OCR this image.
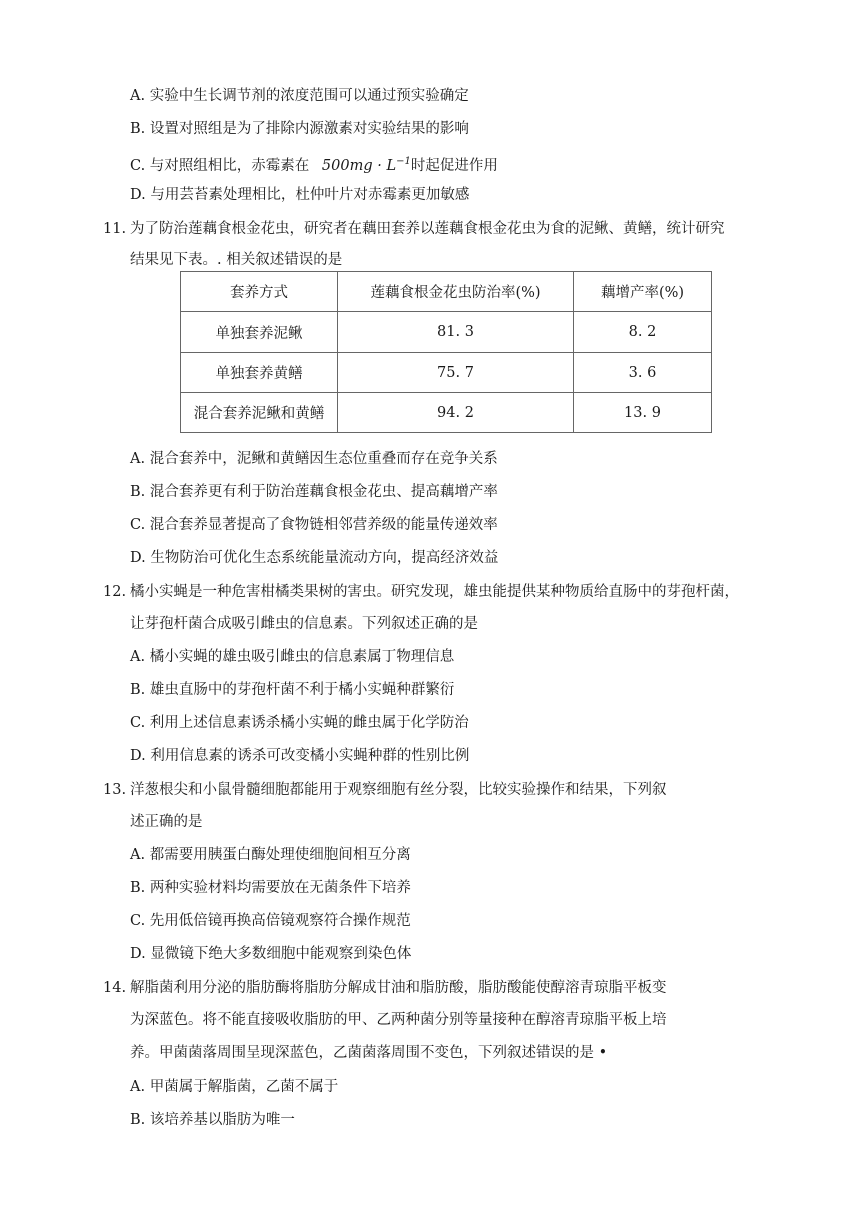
A. 实验中生长调节剂的浓度范围可以通过预实验确定
B. 设置对照组是为了排除内源激素对实验结果的影响
C. 与对照组相比，赤霉素在 $500mg \cdot L^{-1}$时起促进作用
D. 与用芸苔素处理相比，杜仲叶片对赤霉素更加敏感
11. 为了防治莲藕食根金花虫，研究者在藕田套养以莲藕食根金花虫为食的泥鳅、黄鳝，统计研究
结果见下表。. 相关叙述错误的是
套养方式	莲藕食根金花虫防治率(%)	藕增产率(%)
单独套养泥鳅	81. 3	8. 2
单独套养黄鳝	75. 7	3. 6
混合套养泥鳅和黄鳝	94. 2	13. 9
A. 混合套养中，泥鳅和黄鳝因生态位重叠而存在竞争关系
B. 混合套养更有利于防治莲藕食根金花虫、提高藕增产率
C. 混合套养显著提高了食物链相邻营养级的能量传递效率
D. 生物防治可优化生态系统能量流动方向，提高经济效益
12. 橘小实蝇是一种危害柑橘类果树的害虫。研究发现，雄虫能提供某种物质给直肠中的芽孢杆菌，
让芽孢杆菌合成吸引雌虫的信息素。下列叙述正确的是
A. 橘小实蝇的雄虫吸引雌虫的信息素属丁物理信息
B. 雄虫直肠中的芽孢杆菌不利于橘小实蝇种群繁衍
C. 利用上述信息素诱杀橘小实蝇的雌虫属于化学防治
D. 利用信息素的诱杀可改变橘小实蝇种群的性别比例
13. 洋葱根尖和小鼠骨髓细胞都能用于观察细胞有丝分裂，比较实验操作和结果，下列叙
述正确的是
A. 都需要用胰蛋白酶处理使细胞间相互分离
B. 两种实验材料均需要放在无菌条件下培养
C. 先用低倍镜再换高倍镜观察符合操作规范
D. 显微镜下绝大多数细胞中能观察到染色体
14. 解脂菌利用分泌的脂肪酶将脂肪分解成甘油和脂肪酸，脂肪酸能使醇溶青琼脂平板变
为深蓝色。将不能直接吸收脂肪的甲、乙两种菌分别等量接种在醇溶青琼脂平板上培
养。甲菌菌落周围呈现深蓝色，乙菌菌落周围不变色，下列叙述错误的是 •
A. 甲菌属于解脂菌，乙菌不属于
B. 该培养基以脂肪为唯一
